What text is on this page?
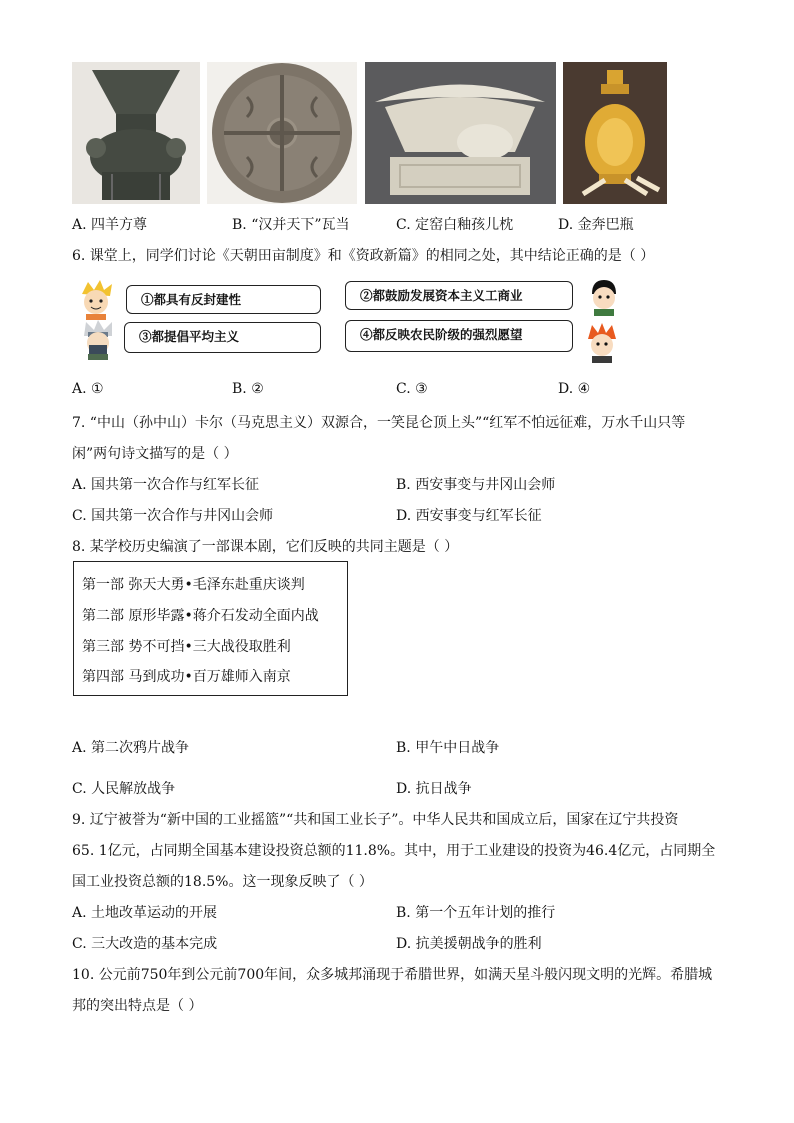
A. 四羊方尊	B. “汉并天下”瓦当	C. 定窑白釉孩儿枕	D. 金奔巴瓶
6. 课堂上，同学们讨论《天朝田亩制度》和《资政新篇》的相同之处，其中结论正确的是（ ）
①都具有反封建性
③都提倡平均主义
②都鼓励发展资本主义工商业
④都反映农民阶级的强烈愿望
A. ①	B. ②	C. ③	D. ④
7. “中山（孙中山）卡尔（马克思主义）双源合，一笑昆仑顶上头”“红军不怕远征难，万水千山只等
闲”两句诗文描写的是（ ）
A. 国共第一次合作与红军长征	B. 西安事变与井冈山会师
C. 国共第一次合作与井冈山会师	D. 西安事变与红军长征
8. 某学校历史编演了一部课本剧，它们反映的共同主题是（ ）
第一部 弥天大勇•毛泽东赴重庆谈判
第二部 原形毕露•蒋介石发动全面内战
第三部 势不可挡•三大战役取胜利
第四部 马到成功•百万雄师入南京
A. 第二次鸦片战争	B. 甲午中日战争
C. 人民解放战争	D. 抗日战争
9. 辽宁被誉为“新中国的工业摇篮”“共和国工业长子”。中华人民共和国成立后，国家在辽宁共投资
65. 1亿元，占同期全国基本建设投资总额的11.8%。其中，用于工业建设的投资为46.4亿元，占同期全
国工业投资总额的18.5%。这一现象反映了（ ）
A. 土地改革运动的开展	B. 第一个五年计划的推行
C. 三大改造的基本完成	D. 抗美援朝战争的胜利
10. 公元前750年到公元前700年间，众多城邦涌现于希腊世界，如满天星斗般闪现文明的光辉。希腊城
邦的突出特点是（ ）
